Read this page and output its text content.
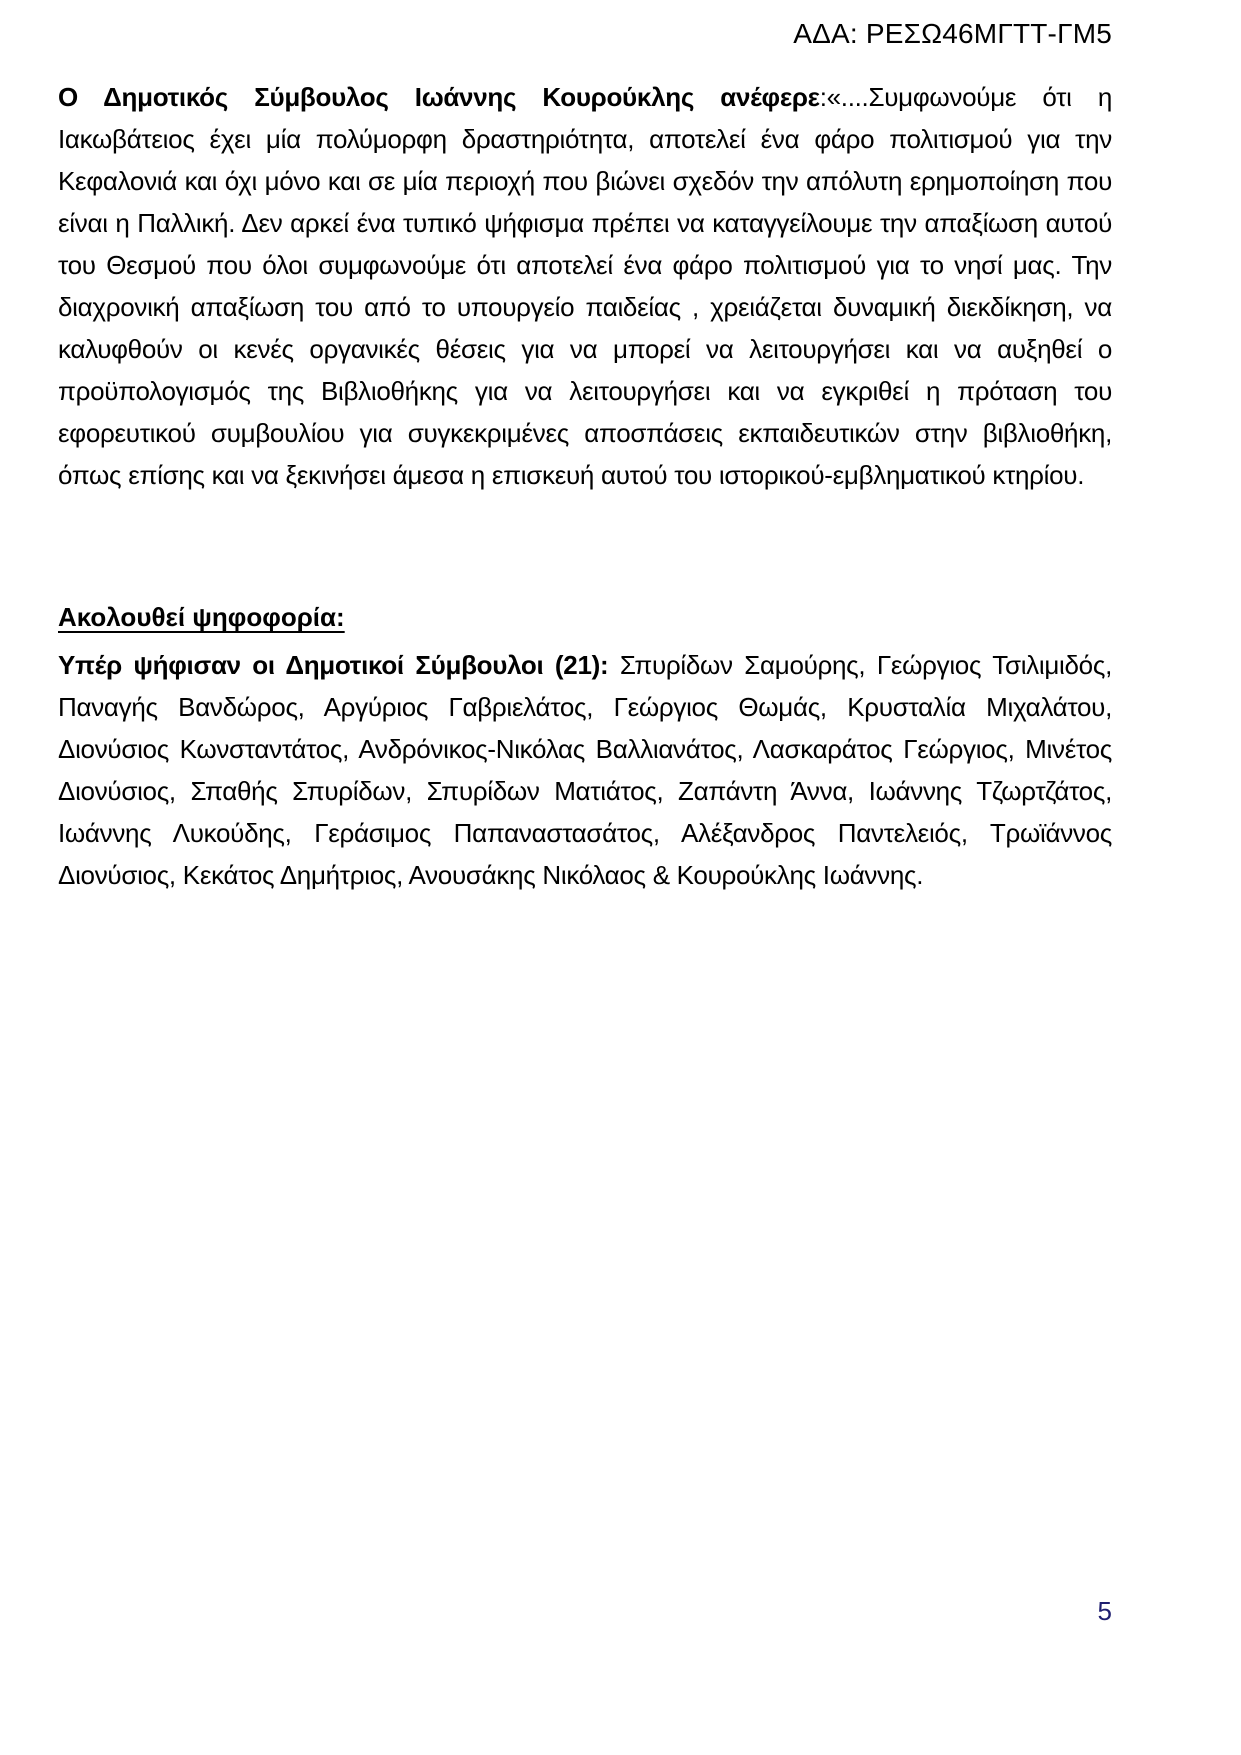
ΑΔΑ: ΡΕΣΩ46ΜΓΤΤ-ΓΜ5

Ο Δημοτικός Σύμβουλος Ιωάννης Κουρούκλης ανέφερε:«....Συμφωνούμε ότι η Ιακωβάτειος έχει μία πολύμορφη δραστηριότητα, αποτελεί ένα φάρο πολιτισμού για την Κεφαλονιά και όχι μόνο και σε μία περιοχή που βιώνει σχεδόν την απόλυτη ερημοποίηση που είναι η Παλλική. Δεν αρκεί ένα τυπικό ψήφισμα πρέπει να καταγγείλουμε την απαξίωση αυτού του Θεσμού που όλοι συμφωνούμε ότι αποτελεί ένα φάρο πολιτισμού για το νησί μας. Την διαχρονική απαξίωση του από το υπουργείο παιδείας , χρειάζεται δυναμική διεκδίκηση, να καλυφθούν οι κενές οργανικές θέσεις για να μπορεί να λειτουργήσει και να αυξηθεί ο προϋπολογισμός της Βιβλιοθήκης για να λειτουργήσει και να εγκριθεί η πρόταση του εφορευτικού συμβουλίου για συγκεκριμένες αποσπάσεις εκπαιδευτικών στην βιβλιοθήκη, όπως επίσης και να ξεκινήσει άμεσα η επισκευή αυτού του ιστορικού-εμβληματικού κτηρίου.

Ακολουθεί ψηφοφορία:

Υπέρ ψήφισαν οι Δημοτικοί Σύμβουλοι (21): Σπυρίδων Σαμούρης, Γεώργιος Τσιλιμιδός, Παναγής Βανδώρος, Αργύριος Γαβριελάτος, Γεώργιος Θωμάς, Κρυσταλία Μιχαλάτου, Διονύσιος Κωνσταντάτος, Ανδρόνικος-Νικόλας Βαλλιανάτος, Λασκαράτος Γεώργιος, Μινέτος Διονύσιος, Σπαθής Σπυρίδων, Σπυρίδων Ματιάτος, Ζαπάντη Άννα, Ιωάννης Τζωρτζάτος, Ιωάννης Λυκούδης, Γεράσιμος Παπαναστασάτος, Αλέξανδρος Παντελειός, Τρωϊάννος Διονύσιος, Κεκάτος Δημήτριος, Ανουσάκης Νικόλαος & Κουρούκλης Ιωάννης.

5
